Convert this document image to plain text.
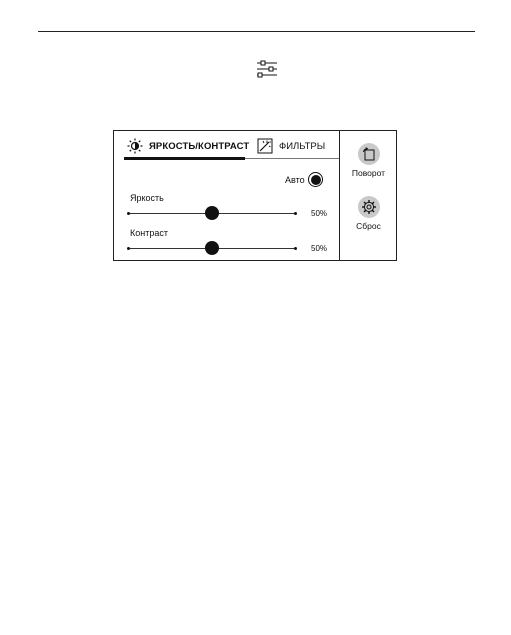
ЯРКОСТЬ/КОНТРАСТ	ФИЛЬТРЫ
Авто
Яркость
50%
Контраст
50%
Поворот
Сброс
